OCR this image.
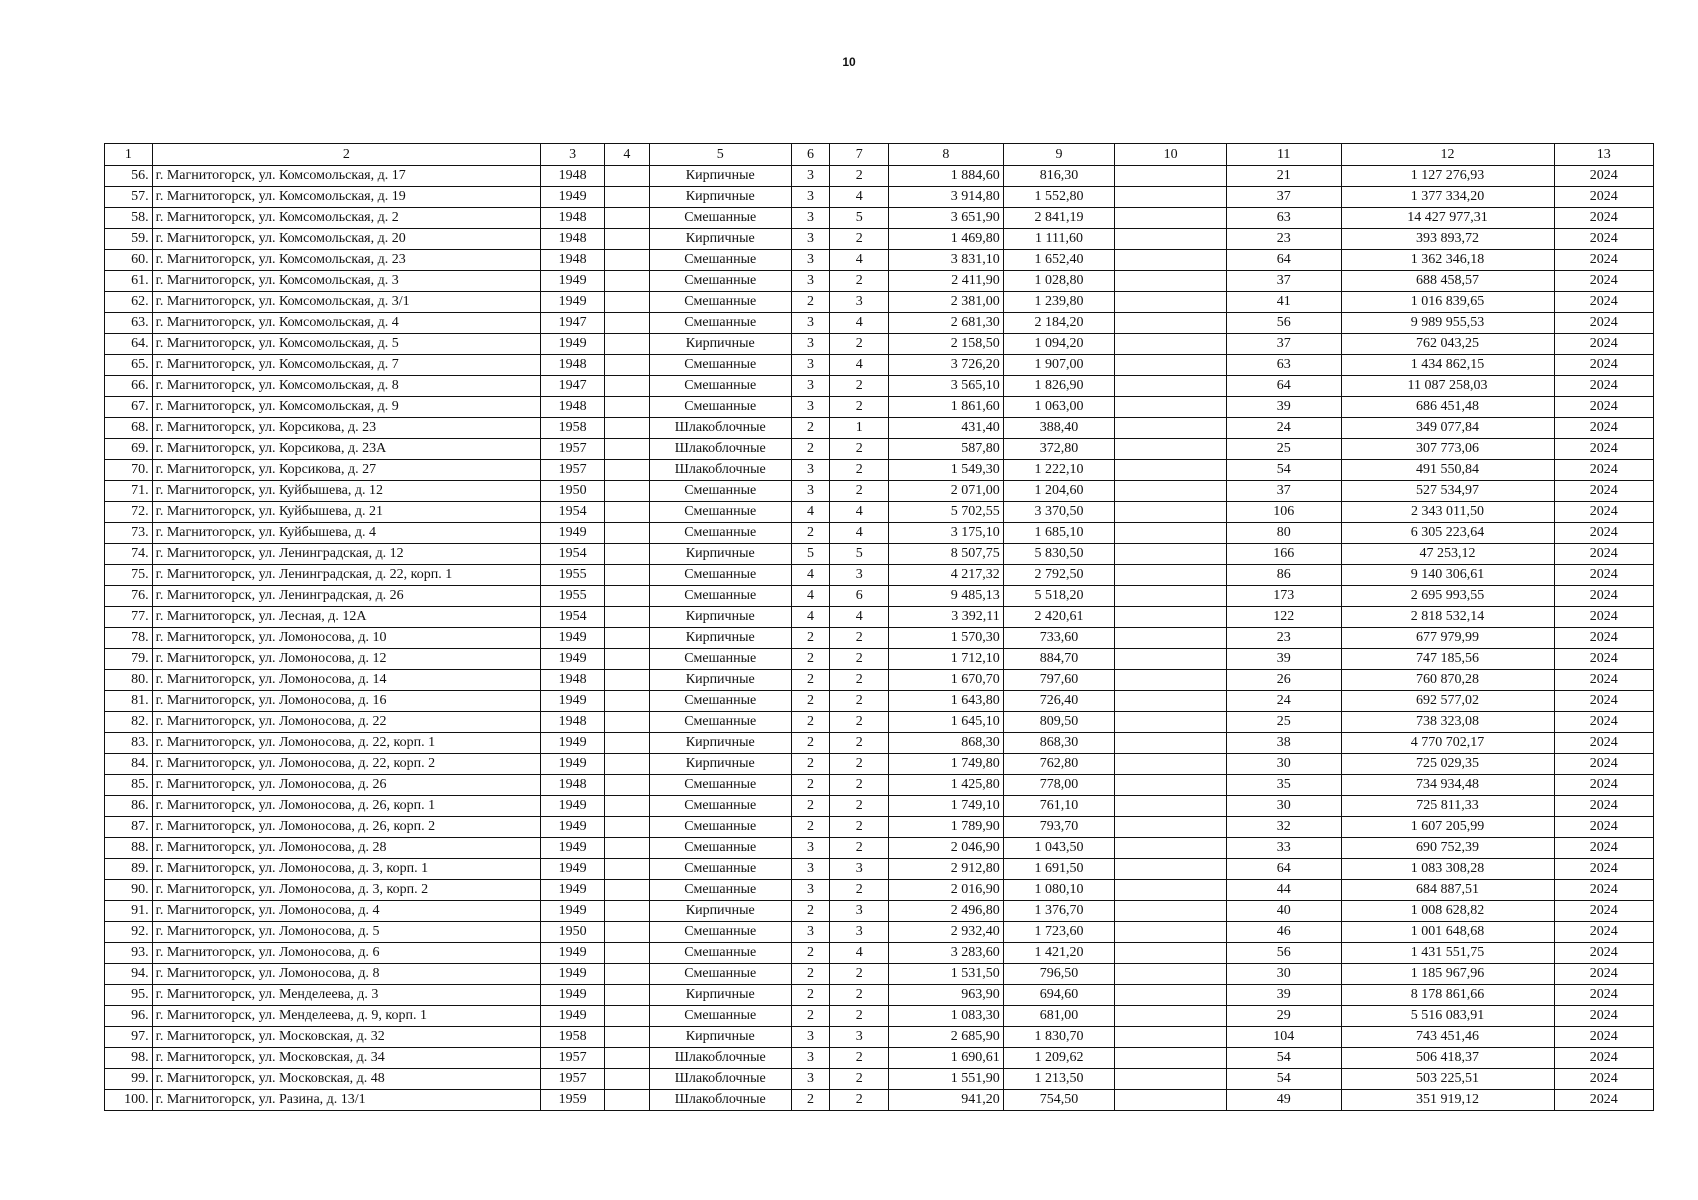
10
1	2	3	4	5	6	7	8	9	10	11	12	13
56.	г. Магнитогорск, ул. Комсомольская, д. 17	1948		Кирпичные	3	2	1 884,60	816,30		21	1 127 276,93	2024
57.	г. Магнитогорск, ул. Комсомольская, д. 19	1949		Кирпичные	3	4	3 914,80	1 552,80		37	1 377 334,20	2024
58.	г. Магнитогорск, ул. Комсомольская, д. 2	1948		Смешанные	3	5	3 651,90	2 841,19		63	14 427 977,31	2024
59.	г. Магнитогорск, ул. Комсомольская, д. 20	1948		Кирпичные	3	2	1 469,80	1 111,60		23	393 893,72	2024
60.	г. Магнитогорск, ул. Комсомольская, д. 23	1948		Смешанные	3	4	3 831,10	1 652,40		64	1 362 346,18	2024
61.	г. Магнитогорск, ул. Комсомольская, д. 3	1949		Смешанные	3	2	2 411,90	1 028,80		37	688 458,57	2024
62.	г. Магнитогорск, ул. Комсомольская, д. 3/1	1949		Смешанные	2	3	2 381,00	1 239,80		41	1 016 839,65	2024
63.	г. Магнитогорск, ул. Комсомольская, д. 4	1947		Смешанные	3	4	2 681,30	2 184,20		56	9 989 955,53	2024
64.	г. Магнитогорск, ул. Комсомольская, д. 5	1949		Кирпичные	3	2	2 158,50	1 094,20		37	762 043,25	2024
65.	г. Магнитогорск, ул. Комсомольская, д. 7	1948		Смешанные	3	4	3 726,20	1 907,00		63	1 434 862,15	2024
66.	г. Магнитогорск, ул. Комсомольская, д. 8	1947		Смешанные	3	2	3 565,10	1 826,90		64	11 087 258,03	2024
67.	г. Магнитогорск, ул. Комсомольская, д. 9	1948		Смешанные	3	2	1 861,60	1 063,00		39	686 451,48	2024
68.	г. Магнитогорск, ул. Корсикова, д. 23	1958		Шлакоблочные	2	1	431,40	388,40		24	349 077,84	2024
69.	г. Магнитогорск, ул. Корсикова, д. 23А	1957		Шлакоблочные	2	2	587,80	372,80		25	307 773,06	2024
70.	г. Магнитогорск, ул. Корсикова, д. 27	1957		Шлакоблочные	3	2	1 549,30	1 222,10		54	491 550,84	2024
71.	г. Магнитогорск, ул. Куйбышева, д. 12	1950		Смешанные	3	2	2 071,00	1 204,60		37	527 534,97	2024
72.	г. Магнитогорск, ул. Куйбышева, д. 21	1954		Смешанные	4	4	5 702,55	3 370,50		106	2 343 011,50	2024
73.	г. Магнитогорск, ул. Куйбышева, д. 4	1949		Смешанные	2	4	3 175,10	1 685,10		80	6 305 223,64	2024
74.	г. Магнитогорск, ул. Ленинградская, д. 12	1954		Кирпичные	5	5	8 507,75	5 830,50		166	47 253,12	2024
75.	г. Магнитогорск, ул. Ленинградская, д. 22, корп. 1	1955		Смешанные	4	3	4 217,32	2 792,50		86	9 140 306,61	2024
76.	г. Магнитогорск, ул. Ленинградская, д. 26	1955		Смешанные	4	6	9 485,13	5 518,20		173	2 695 993,55	2024
77.	г. Магнитогорск, ул. Лесная, д. 12А	1954		Кирпичные	4	4	3 392,11	2 420,61		122	2 818 532,14	2024
78.	г. Магнитогорск, ул. Ломоносова, д. 10	1949		Кирпичные	2	2	1 570,30	733,60		23	677 979,99	2024
79.	г. Магнитогорск, ул. Ломоносова, д. 12	1949		Смешанные	2	2	1 712,10	884,70		39	747 185,56	2024
80.	г. Магнитогорск, ул. Ломоносова, д. 14	1948		Кирпичные	2	2	1 670,70	797,60		26	760 870,28	2024
81.	г. Магнитогорск, ул. Ломоносова, д. 16	1949		Смешанные	2	2	1 643,80	726,40		24	692 577,02	2024
82.	г. Магнитогорск, ул. Ломоносова, д. 22	1948		Смешанные	2	2	1 645,10	809,50		25	738 323,08	2024
83.	г. Магнитогорск, ул. Ломоносова, д. 22, корп. 1	1949		Кирпичные	2	2	868,30	868,30		38	4 770 702,17	2024
84.	г. Магнитогорск, ул. Ломоносова, д. 22, корп. 2	1949		Кирпичные	2	2	1 749,80	762,80		30	725 029,35	2024
85.	г. Магнитогорск, ул. Ломоносова, д. 26	1948		Смешанные	2	2	1 425,80	778,00		35	734 934,48	2024
86.	г. Магнитогорск, ул. Ломоносова, д. 26, корп. 1	1949		Смешанные	2	2	1 749,10	761,10		30	725 811,33	2024
87.	г. Магнитогорск, ул. Ломоносова, д. 26, корп. 2	1949		Смешанные	2	2	1 789,90	793,70		32	1 607 205,99	2024
88.	г. Магнитогорск, ул. Ломоносова, д. 28	1949		Смешанные	3	2	2 046,90	1 043,50		33	690 752,39	2024
89.	г. Магнитогорск, ул. Ломоносова, д. 3, корп. 1	1949		Смешанные	3	3	2 912,80	1 691,50		64	1 083 308,28	2024
90.	г. Магнитогорск, ул. Ломоносова, д. 3, корп. 2	1949		Смешанные	3	2	2 016,90	1 080,10		44	684 887,51	2024
91.	г. Магнитогорск, ул. Ломоносова, д. 4	1949		Кирпичные	2	3	2 496,80	1 376,70		40	1 008 628,82	2024
92.	г. Магнитогорск, ул. Ломоносова, д. 5	1950		Смешанные	3	3	2 932,40	1 723,60		46	1 001 648,68	2024
93.	г. Магнитогорск, ул. Ломоносова, д. 6	1949		Смешанные	2	4	3 283,60	1 421,20		56	1 431 551,75	2024
94.	г. Магнитогорск, ул. Ломоносова, д. 8	1949		Смешанные	2	2	1 531,50	796,50		30	1 185 967,96	2024
95.	г. Магнитогорск, ул. Менделеева, д. 3	1949		Кирпичные	2	2	963,90	694,60		39	8 178 861,66	2024
96.	г. Магнитогорск, ул. Менделеева, д. 9, корп. 1	1949		Смешанные	2	2	1 083,30	681,00		29	5 516 083,91	2024
97.	г. Магнитогорск, ул. Московская, д. 32	1958		Кирпичные	3	3	2 685,90	1 830,70		104	743 451,46	2024
98.	г. Магнитогорск, ул. Московская, д. 34	1957		Шлакоблочные	3	2	1 690,61	1 209,62		54	506 418,37	2024
99.	г. Магнитогорск, ул. Московская, д. 48	1957		Шлакоблочные	3	2	1 551,90	1 213,50		54	503 225,51	2024
100.	г. Магнитогорск, ул. Разина, д. 13/1	1959		Шлакоблочные	2	2	941,20	754,50		49	351 919,12	2024
